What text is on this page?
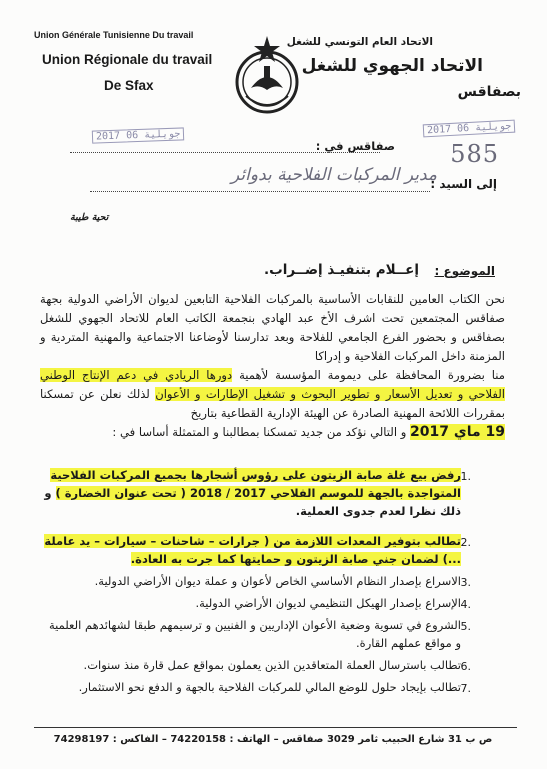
Union Générale Tunisienne Du travail
Union Régionale du travail
De Sfax
الاتحاد العام التونسي للشغل
الاتحاد الجهوي للشغل
بصفاقس
2017 جويلية 06	2017 جويلية 06
صفاقس في : 585
إلى السيد :
مدير المركبات الفلاحية بدوائر
تحية طيبة
الموضوع :
إعــلام بتنفيـذ إضــراب.
نحن الكتاب العامين للنقابات الأساسية بالمركبات الفلاحية التابعين لديوان الأراضي الدولية بجهة صفاقس المجتمعين تحت اشرف الأخ عبد الهادي بنجمعة الكاتب العام للاتحاد الجهوي للشغل بصفاقس و بحضور الفرع الجامعي للفلاحة وبعد تدارسنا لأوضاعنا الاجتماعية والمهنية المتردية و المزمنة داخل المركبات الفلاحية و إدراكا
منا بضرورة المحافظة على ديمومة المؤسسة لأهمية دورها الريادي في دعم الإنتاج الوطني الفلاحي و تعديل الأسعار و تطوير البحوث و تشغيل الإطارات و الأعوان لذلك نعلن عن تمسكنا بمقررات اللائحة المهنية الصادرة عن الهيئة الإدارية القطاعية بتاريخ
19 ماي 2017 و التالي نؤكد من جديد تمسكنا بمطالبنا و المتمثلة أساسا في :
1.
رفض بيع غلة صابة الزيتون على رؤوس أشجارها بجميع المركبات الفلاحية المتواجدة بالجهة للموسم الفلاحي 2017 / 2018 ( تحت عنوان الخضارة ) و ذلك نظرا لعدم جدوى العملية.
2.
تطالب بتوفير المعدات اللازمة من ( جرارات – شاحنات – سيارات – يد عاملة ...) لضمان جني صابة الزيتون و حمايتها كما جرت به العادة.
3.
الاسراع بإصدار النظام الأساسي الخاص لأعوان و عملة ديوان الأراضي الدولية.
4.
الإسراع بإصدار الهيكل التنظيمي لديوان الأراضي الدولية.
5.
الشروع في تسوية وضعية الأعوان الإداريين و الفنيين و ترسيمهم طبقا لشهائدهم العلمية و مواقع عملهم القارة.
6.
تطالب باسترسال العملة المتعاقدين الذين يعملون بمواقع عمل قارة منذ سنوات.
7.
تطالب بإيجاد حلول للوضع المالي للمركبات الفلاحية بالجهة و الدفع نحو الاستثمار.
ص ب 31 شارع الحبيب ثامر 3029 صفاقس – الهاتف : 74220158 – الفاكس : 74298197
